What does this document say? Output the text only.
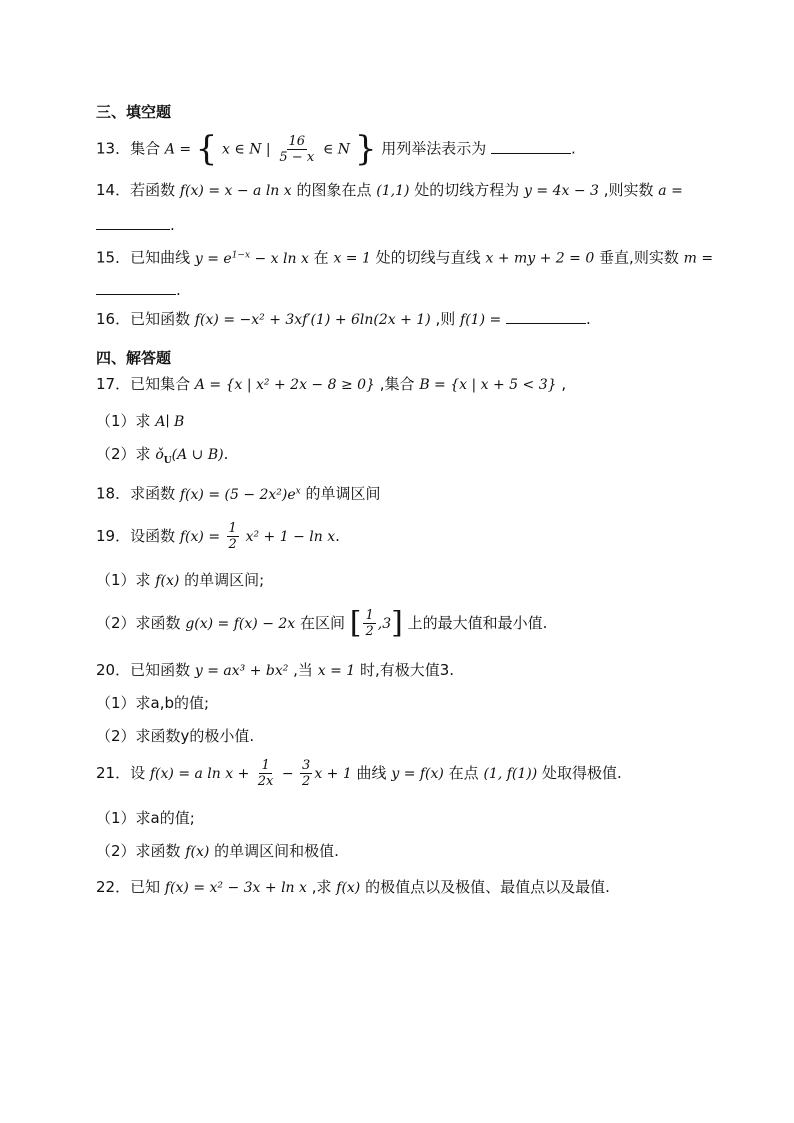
三、填空题
13．集合 A = { x ∈ N | $\frac{16}{5 - x}$ ∈ N } 用列举法表示为	.
14．若函数 f(x) = x − a ln x 的图象在点 (1,1) 处的切线方程为 y = 4x − 3 ,则实数 a =
.
15．已知曲线 $y = e^{1-x} - x$ ln x 在 x = 1 处的切线与直线 x + my + 2 = 0 垂直,则实数 m =
.
16．已知函数 f(x) = −x² + 3xf′(1) + 6ln(2x + 1) ,则 f(1) =	.
四、解答题
17．已知集合 A = {x | x² + 2x − 8 ≥ 0} ,集合 B = {x | x + 5 < 3} ,
（1）求 A∣ B
（2）求 $ǒ_U(A$ ∪ B).
18．求函数 $f(x) = (5 - 2x^2)e^x$ 的单调区间
19．设函数 $f(x) = \frac{1}{2} x^2 + 1 - \ln x$.
（1）求 f(x) 的单调区间;
（2）求函数 g(x) = f(x) − 2x 在区间 [ $\frac{1}{2} ,3$] 上的最大值和最小值.
20．已知函数 y = ax³ + bx² ,当 x = 1 时,有极大值3.
（1）求a,b的值;
（2）求函数y的极小值.
21．设 f(x) = a $\ln x + \frac{1}{2x} - \frac{3}{2}$ x + 1 曲线 y = f(x) 在点 (1, f(1)) 处取得极值.
（1）求a的值;
（2）求函数 f(x) 的单调区间和极值.
22．已知 f(x) = x² − 3x + ln x ,求 f(x) 的极值点以及极值、最值点以及最值.
